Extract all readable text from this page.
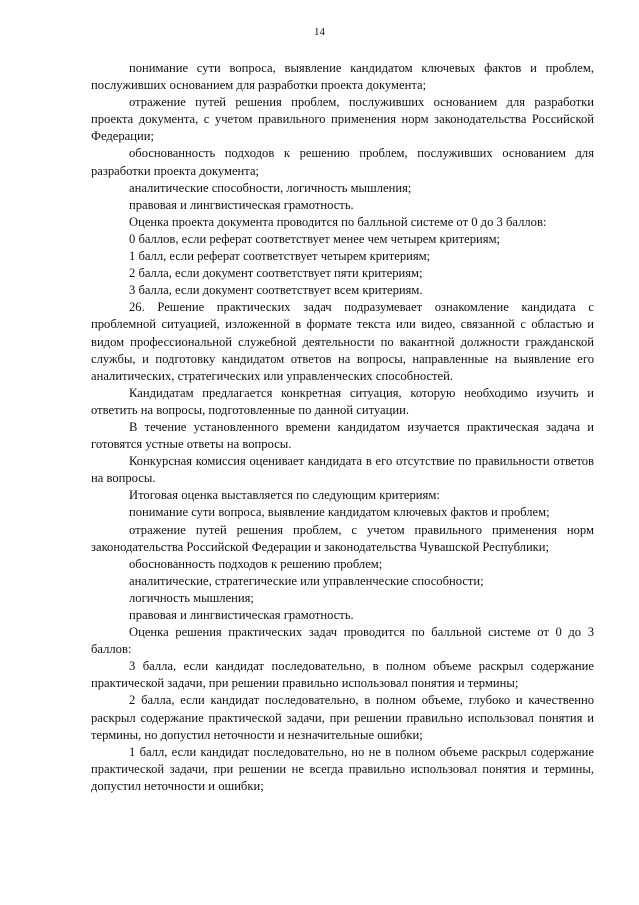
14

понимание сути вопроса, выявление кандидатом ключевых фактов и проблем, послуживших основанием для разработки проекта документа;

отражение путей решения проблем, послуживших основанием для разработки проекта документа, с учетом правильного применения норм законодательства Российской Федерации;

обоснованность подходов к решению проблем, послуживших основанием для разработки проекта документа;

аналитические способности, логичность мышления;

правовая и лингвистическая грамотность.

Оценка проекта документа проводится по балльной системе от 0 до 3 баллов:

0 баллов, если реферат соответствует менее чем четырем критериям;

1 балл, если реферат соответствует четырем критериям;

2 балла, если документ соответствует пяти критериям;

3 балла, если документ соответствует всем критериям.

26. Решение практических задач подразумевает ознакомление кандидата с проблемной ситуацией, изложенной в формате текста или видео, связанной с областью и видом профессиональной служебной деятельности по вакантной должности гражданской службы, и подготовку кандидатом ответов на вопросы, направленные на выявление его аналитических, стратегических или управленческих способностей.

Кандидатам предлагается конкретная ситуация, которую необходимо изучить и ответить на вопросы, подготовленные по данной ситуации.

В течение установленного времени кандидатом изучается практическая задача и готовятся устные ответы на вопросы.

Конкурсная комиссия оценивает кандидата в его отсутствие по правильности ответов на вопросы.

Итоговая оценка выставляется по следующим критериям:

понимание сути вопроса, выявление кандидатом ключевых фактов и проблем;

отражение путей решения проблем, с учетом правильного применения норм законодательства Российской Федерации и законодательства Чувашской Республики;

обоснованность подходов к решению проблем;

аналитические, стратегические или управленческие способности;

логичность мышления;

правовая и лингвистическая грамотность.

Оценка решения практических задач проводится по балльной системе от 0 до 3 баллов:

3 балла, если кандидат последовательно, в полном объеме раскрыл содержание практической задачи, при решении правильно использовал понятия и термины;

2 балла, если кандидат последовательно, в полном объеме, глубоко и качественно раскрыл содержание практической задачи, при решении правильно использовал понятия и термины, но допустил неточности и незначительные ошибки;

1 балл, если кандидат последовательно, но не в полном объеме раскрыл содержание практической задачи, при решении не всегда правильно использовал понятия и термины, допустил неточности и ошибки;
